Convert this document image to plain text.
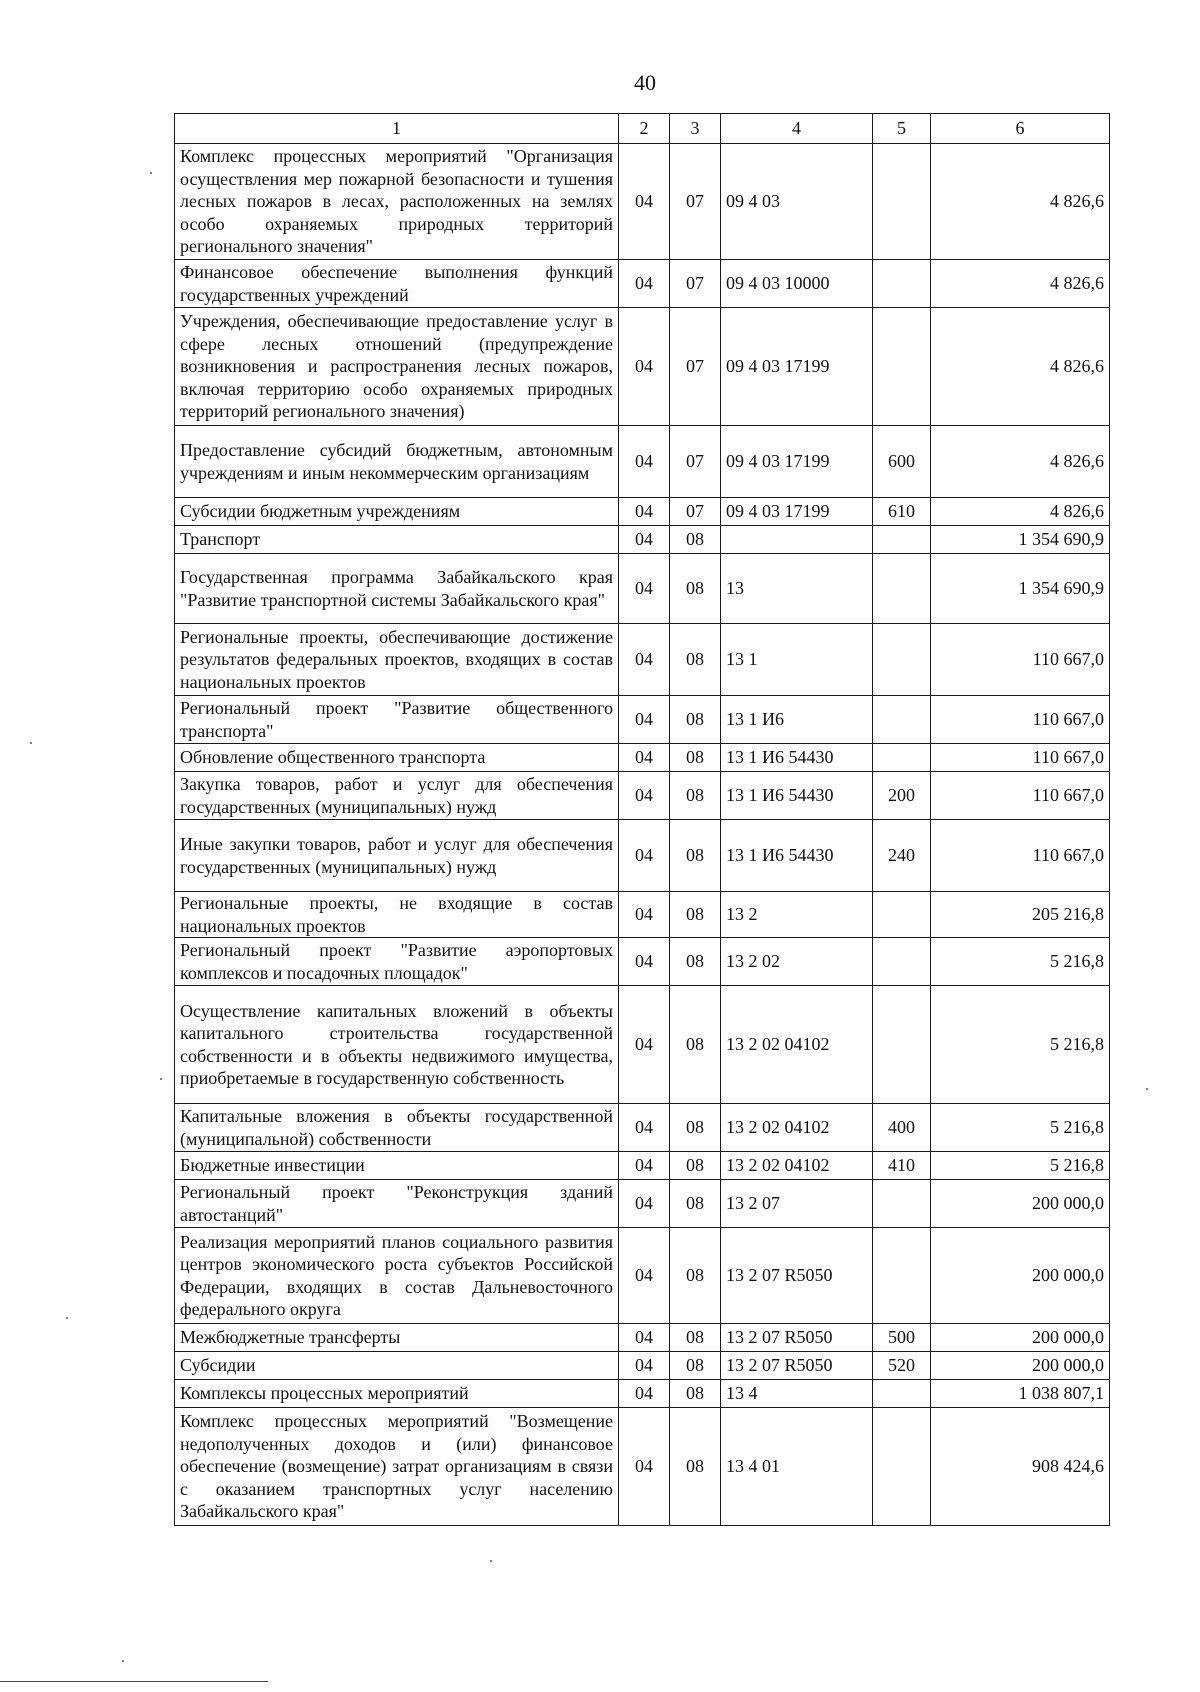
40
1	2	3	4	5	6
Комплекс процессных мероприятий "Организация осуществления мер пожарной безопасности и тушения лесных пожаров в лесах, расположенных на землях особо охраняемых природных территорий регионального значения"	04	07	09 4 03		4 826,6
Финансовое обеспечение выполнения функций государственных учреждений	04	07	09 4 03 10000		4 826,6
Учреждения, обеспечивающие предоставление услуг в сфере лесных отношений (предупреждение возникновения и распространения лесных пожаров, включая территорию особо охраняемых природных территорий регионального значения)	04	07	09 4 03 17199		4 826,6
Предоставление субсидий бюджетным, автономным учреждениям и иным некоммерческим организациям	04	07	09 4 03 17199	600	4 826,6
Субсидии бюджетным учреждениям	04	07	09 4 03 17199	610	4 826,6
Транспорт	04	08			1 354 690,9
Государственная программа Забайкальского края "Развитие транспортной системы Забайкальского края"	04	08	13		1 354 690,9
Региональные проекты, обеспечивающие достижение результатов федеральных проектов, входящих в состав национальных проектов	04	08	13 1		110 667,0
Региональный проект "Развитие общественного транспорта"	04	08	13 1 И6		110 667,0
Обновление общественного транспорта	04	08	13 1 И6 54430		110 667,0
Закупка товаров, работ и услуг для обеспечения государственных (муниципальных) нужд	04	08	13 1 И6 54430	200	110 667,0
Иные закупки товаров, работ и услуг для обеспечения государственных (муниципальных) нужд	04	08	13 1 И6 54430	240	110 667,0
Региональные проекты, не входящие в состав национальных проектов	04	08	13 2		205 216,8
Региональный проект "Развитие аэропортовых комплексов и посадочных площадок"	04	08	13 2 02		5 216,8
Осуществление капитальных вложений в объекты капитального строительства государственной собственности и в объекты недвижимого имущества, приобретаемые в государственную собственность	04	08	13 2 02 04102		5 216,8
Капитальные вложения в объекты государственной (муниципальной) собственности	04	08	13 2 02 04102	400	5 216,8
Бюджетные инвестиции	04	08	13 2 02 04102	410	5 216,8
Региональный проект "Реконструкция зданий автостанций"	04	08	13 2 07		200 000,0
Реализация мероприятий планов социального развития центров экономического роста субъектов Российской Федерации, входящих в состав Дальневосточного федерального округа	04	08	13 2 07 R5050		200 000,0
Межбюджетные трансферты	04	08	13 2 07 R5050	500	200 000,0
Субсидии	04	08	13 2 07 R5050	520	200 000,0
Комплексы процессных мероприятий	04	08	13 4		1 038 807,1
Комплекс процессных мероприятий "Возмещение недополученных доходов и (или) финансовое обеспечение (возмещение) затрат организациям в связи с оказанием транспортных услуг населению Забайкальского края"	04	08	13 4 01		908 424,6
